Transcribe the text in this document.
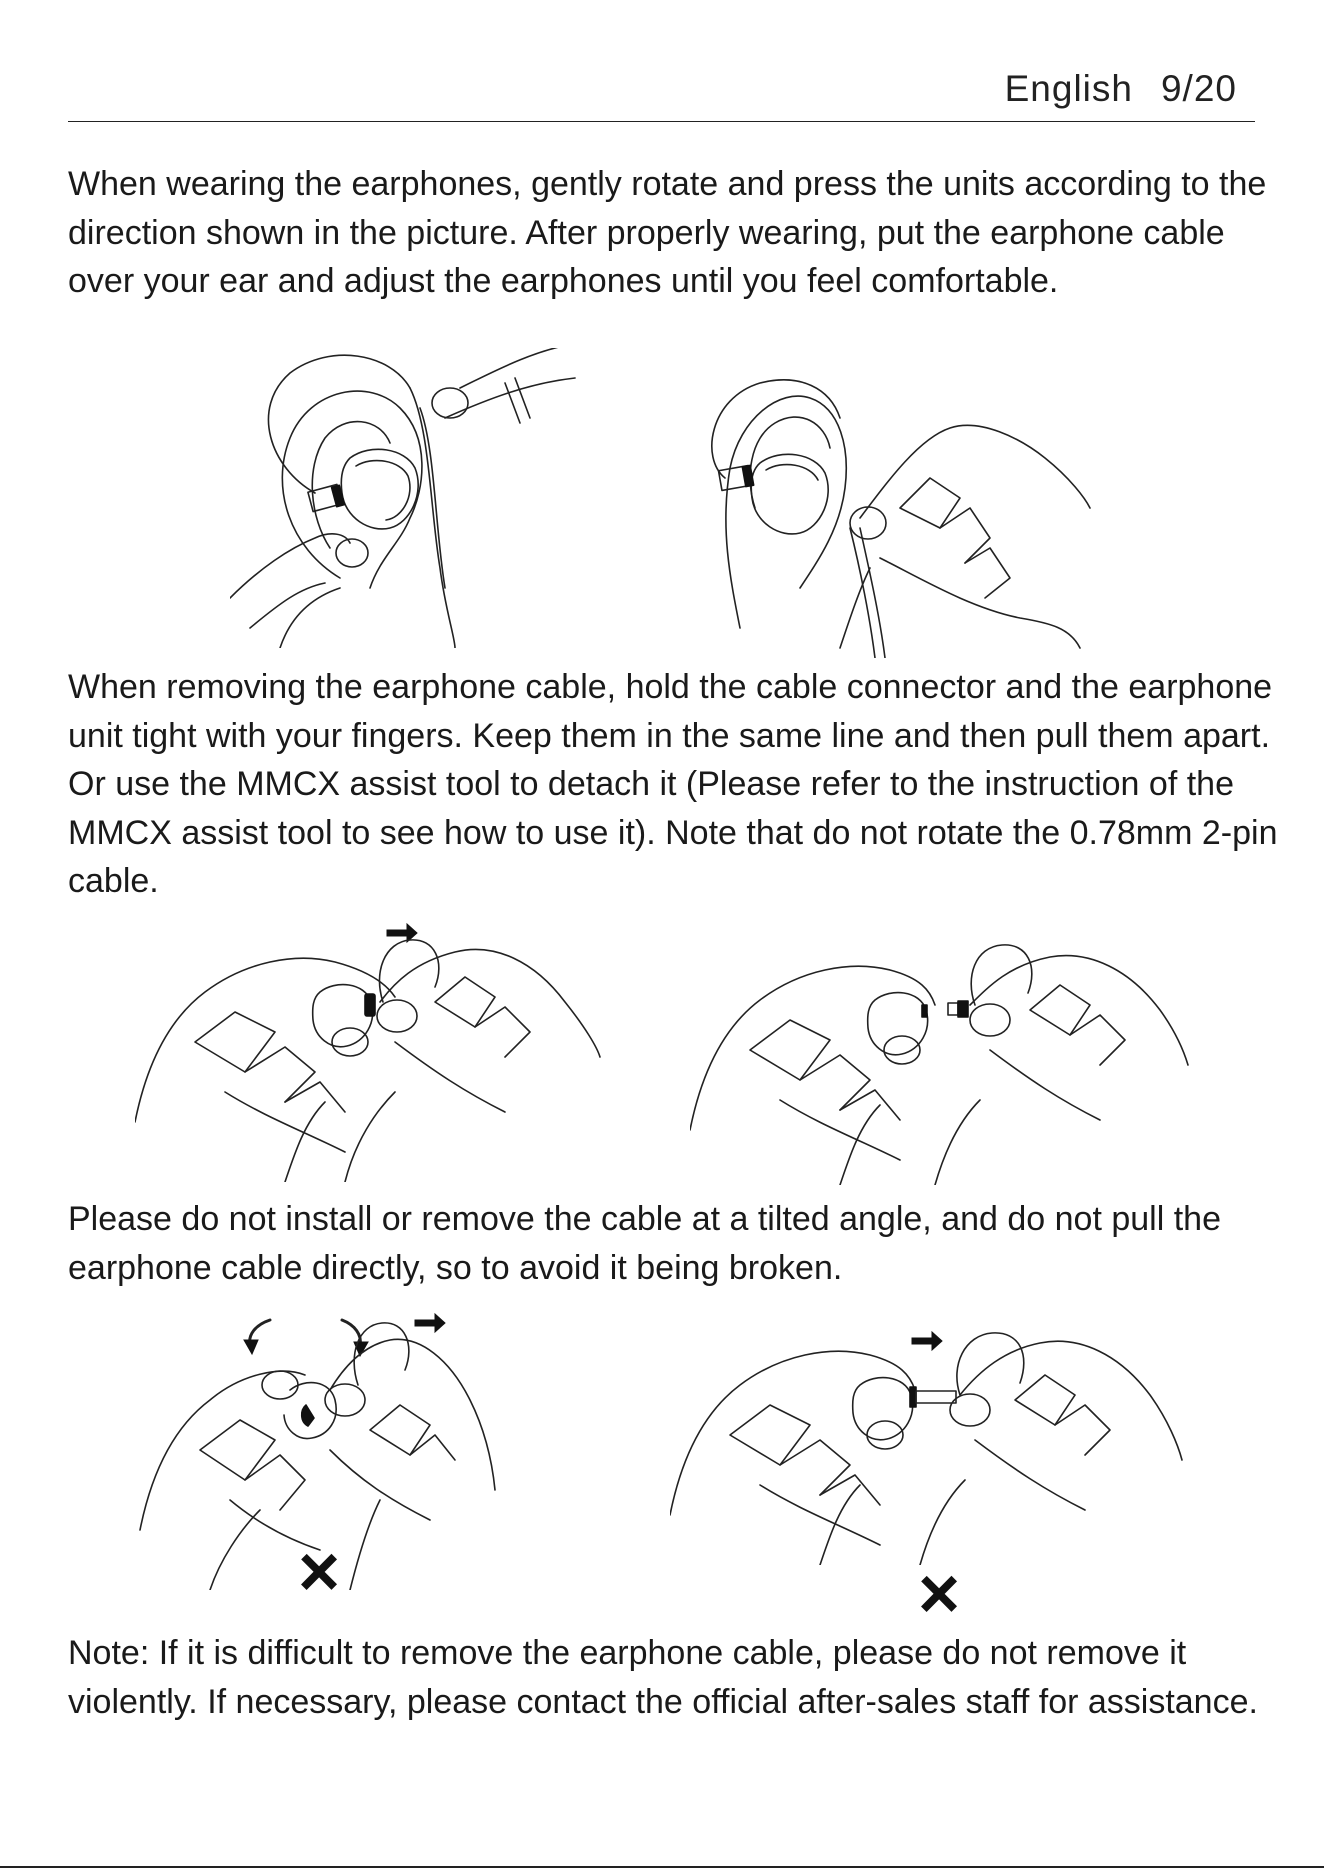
English 9/20

When wearing the earphones, gently rotate and press the units according to the direction shown in the picture. After properly wearing, put the earphone cable over your ear and adjust the earphones until you feel comfortable.

When removing the earphone cable, hold the cable connector and the earphone unit tight with your fingers. Keep them in the same line and then pull them apart. Or use the MMCX assist tool to detach it (Please refer to the instruction of the MMCX assist tool to see how to use it). Note that do not rotate the 0.78mm 2-pin cable.

Please do not install or remove the cable at a tilted angle, and do not pull the earphone cable directly, so to avoid it being broken.

×	×

Note: If it is difficult to remove the earphone cable, please do not remove it violently. If necessary, please contact the official after-sales staff for assistance.
